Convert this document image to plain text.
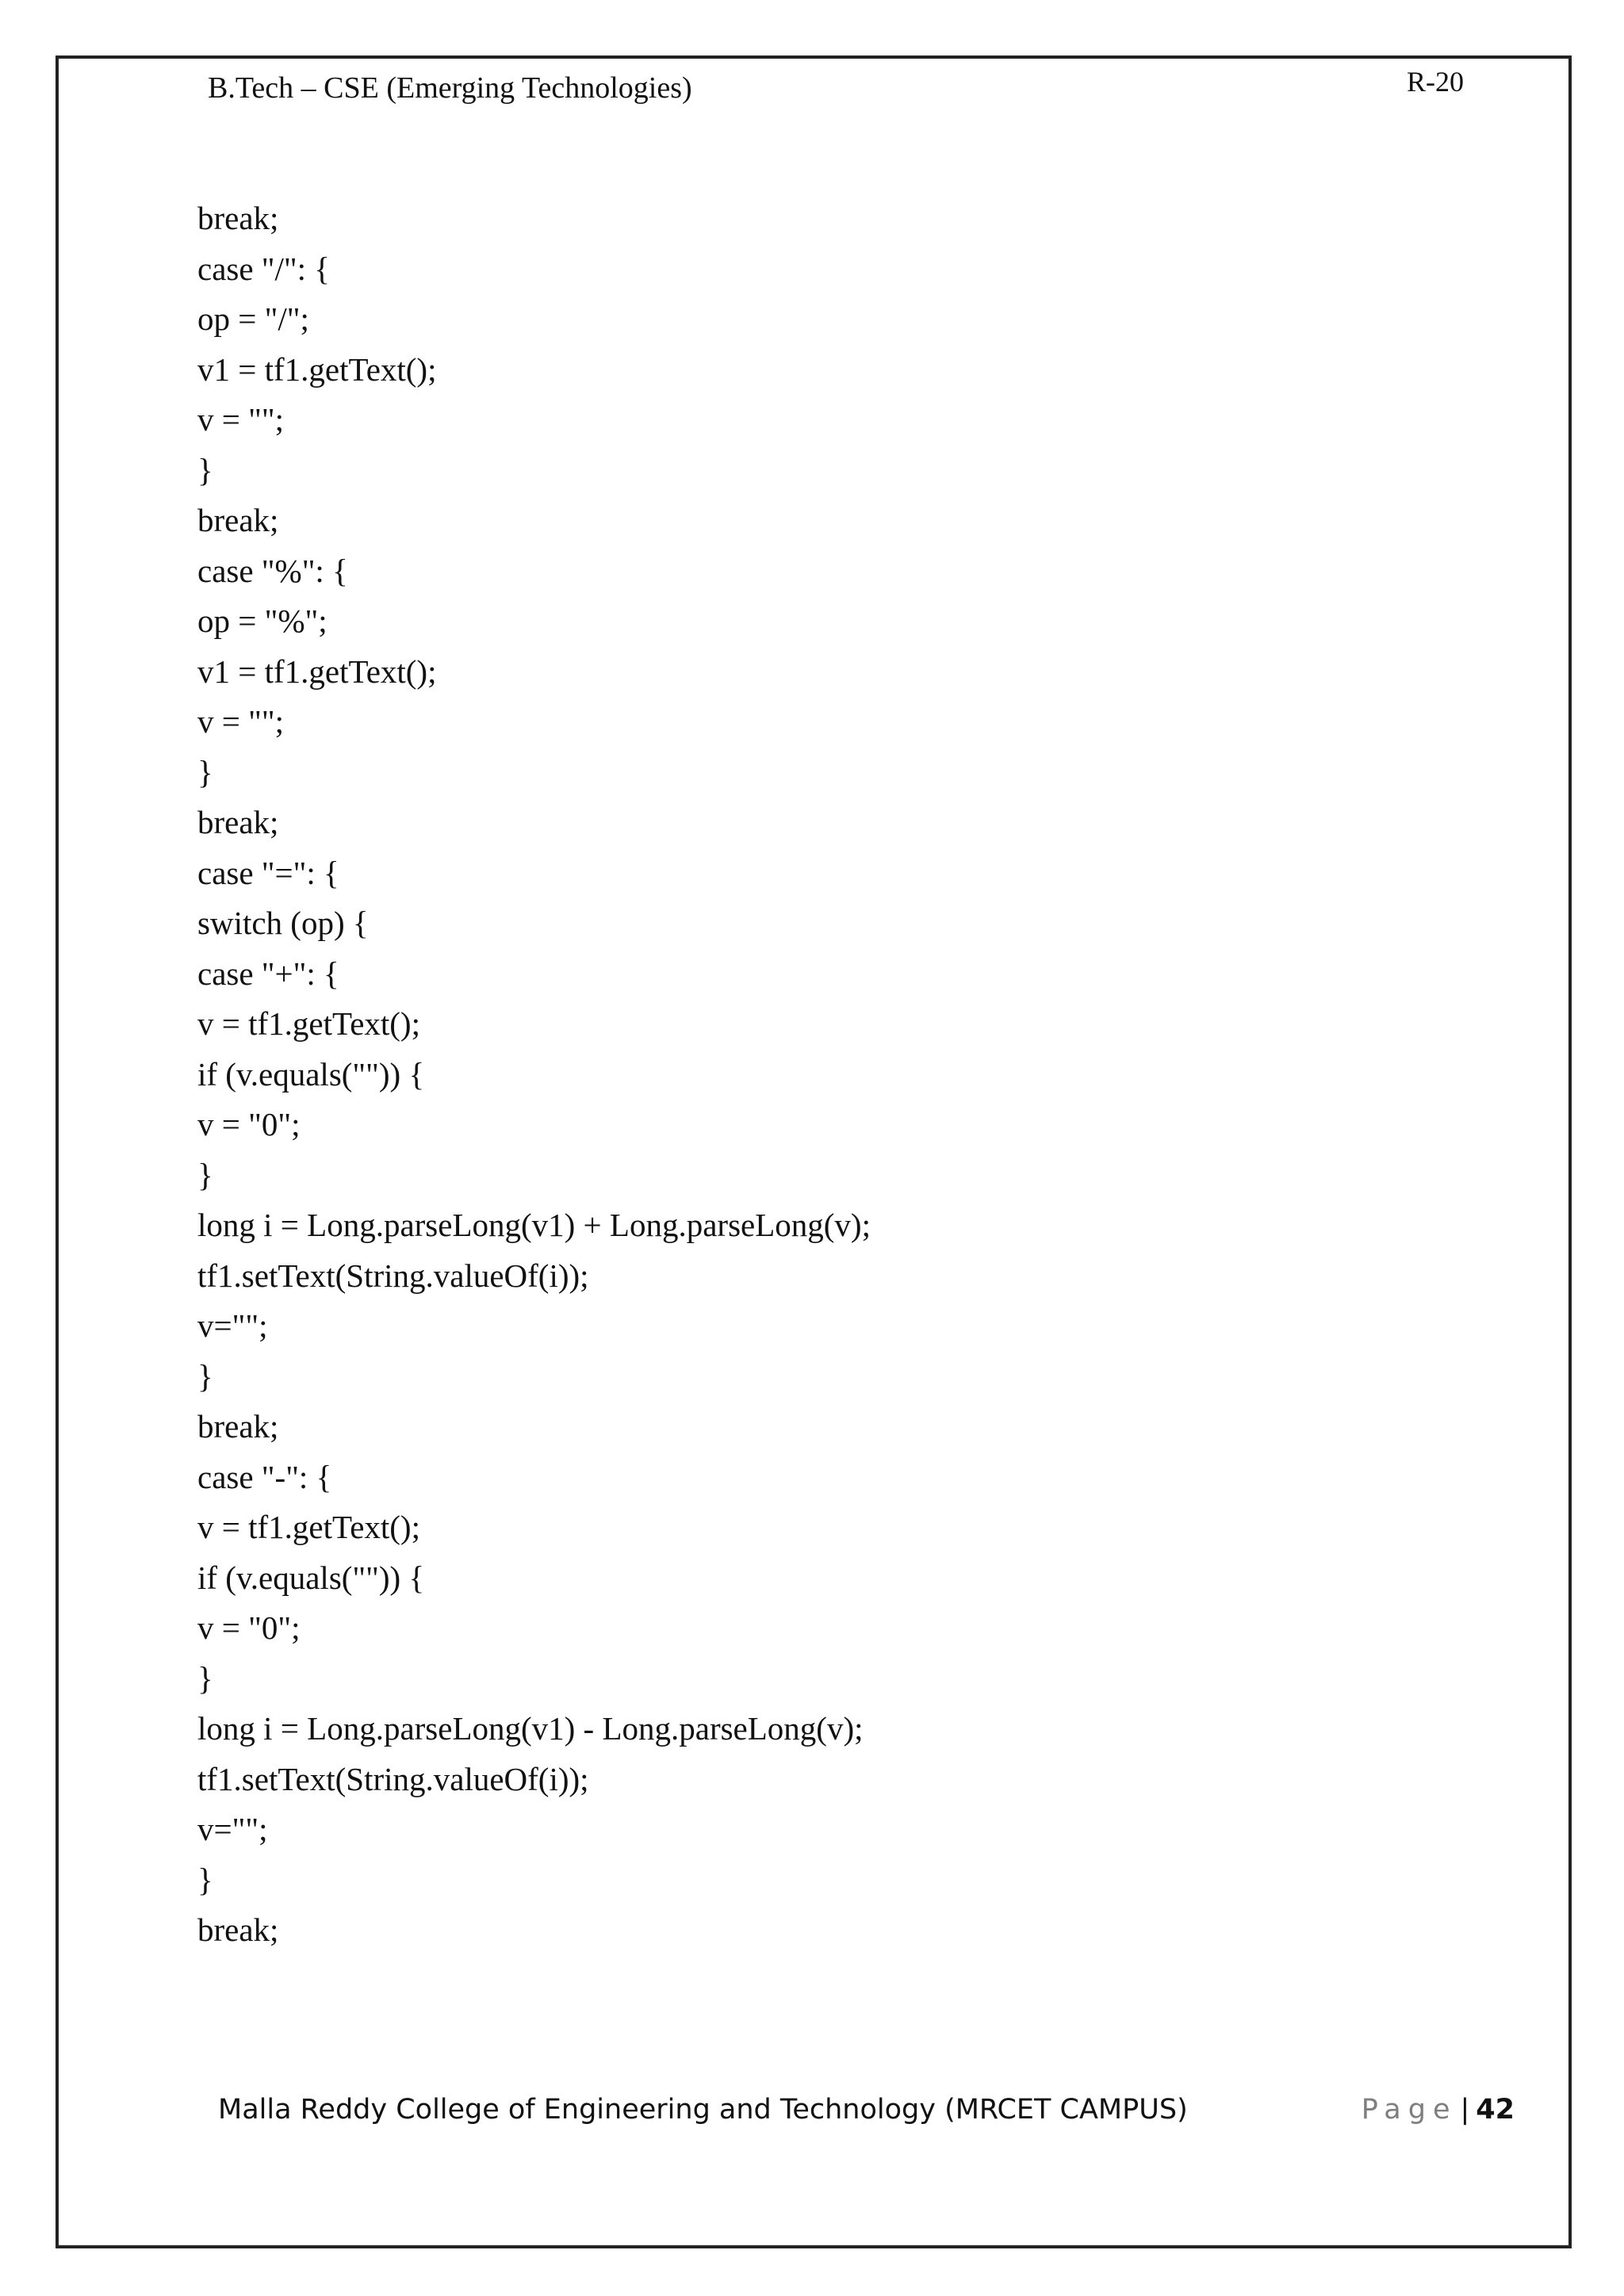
B.Tech – CSE (Emerging Technologies)	R-20
break;
case "/": {
op = "/";
v1 = tf1.getText();
v = "";
}
break;
case "%": {
op = "%";
v1 = tf1.getText();
v = "";
}
break;
case "=": {
switch (op) {
case "+": {
v = tf1.getText();
if (v.equals("")) {
v = "0";
}
long i = Long.parseLong(v1) + Long.parseLong(v);
tf1.setText(String.valueOf(i));
v="";
}
break;
case "-": {
v = tf1.getText();
if (v.equals("")) {
v = "0";
}
long i = Long.parseLong(v1) - Long.parseLong(v);
tf1.setText(String.valueOf(i));
v="";
}
break;
Malla Reddy College of Engineering and Technology (MRCET CAMPUS)	Page | 42
